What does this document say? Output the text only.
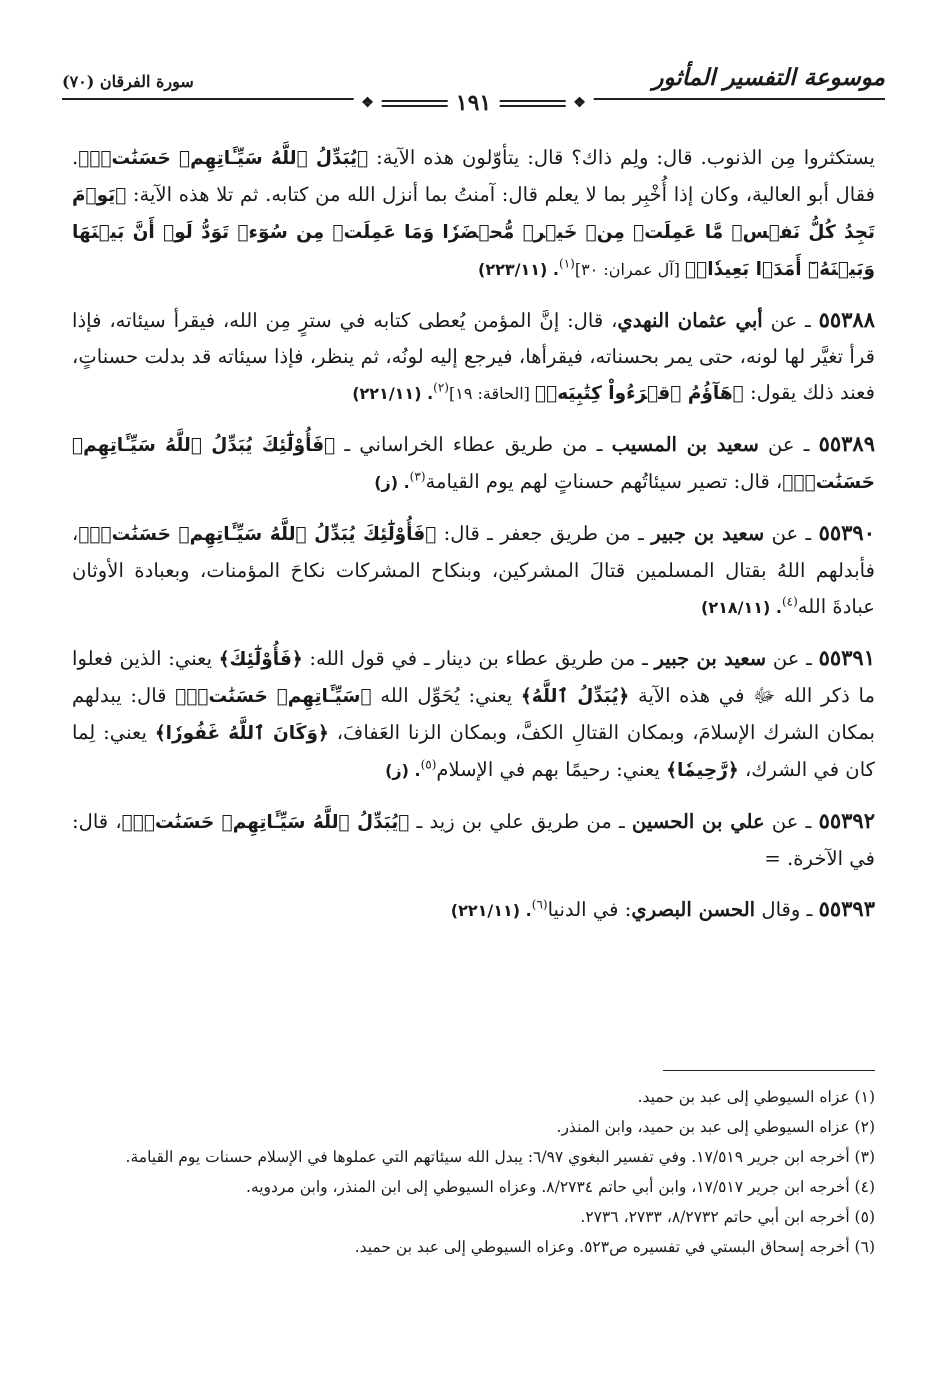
موسوعة التفسير المأثور
سورة الفرقان (٧٠)
❖
١٩١
❖

يستكثروا مِن الذنوب. قال: ولِم ذاك؟ قال: يتأوّلون هذه الآية: ﴿يُبَدِّلُ ٱللَّهُ سَيِّـَٔاتِهِمۡ حَسَنَٰتٖۗ﴾. فقال أبو العالية، وكان إذا أُخْبِر بما لا يعلم قال: آمنتُ بما أنزل الله من كتابه. ثم تلا هذه الآية: ﴿يَوۡمَ تَجِدُ كُلُّ نَفۡسٖ مَّا عَمِلَتۡ مِنۡ خَيۡرٖ مُّحۡضَرٗا وَمَا عَمِلَتۡ مِن سُوٓءٖ تَوَدُّ لَوۡ أَنَّ بَيۡنَهَا وَبَيۡنَهُۥٓ أَمَدَۢا بَعِيدٗاۗ﴾ [آل عمران: ٣٠]$^{(١)}$. (٢٢٣/١١)

٥٥٣٨٨ ـ عن أبي عثمان النهدي، قال: إنَّ المؤمن يُعطى كتابه في سترٍ مِن الله، فيقرأ سيئاته، فإذا قرأ تغيَّر لها لونه، حتى يمر بحسناته، فيقرأها، فيرجع إليه لونُه، ثم ينظر، فإذا سيئاته قد بدلت حسناتٍ، فعند ذلك يقول: ﴿هَآؤُمُ ٱقۡرَءُواْ كِتَٰبِيَهۡ﴾ [الحاقة: ١٩]$^{(٢)}$. (٢٢١/١١)

٥٥٣٨٩ ـ عن سعيد بن المسيب ـ من طريق عطاء الخراساني ـ ﴿فَأُوْلَٰٓئِكَ يُبَدِّلُ ٱللَّهُ سَيِّـَٔاتِهِمۡ حَسَنَٰتٖۗ﴾، قال: تصير سيئاتُهم حسناتٍ لهم يوم القيامة$^{(٣)}$. (ز)

٥٥٣٩٠ ـ عن سعيد بن جبير ـ من طريق جعفر ـ قال: ﴿فَأُوْلَٰٓئِكَ يُبَدِّلُ ٱللَّهُ سَيِّـَٔاتِهِمۡ حَسَنَٰتٖۗ﴾، فأبدلهم اللهُ بقتال المسلمين قتالَ المشركين، وبنكاح المشركات نكاحَ المؤمنات، وبعبادة الأوثان عبادةَ الله$^{(٤)}$. (٢١٨/١١)

٥٥٣٩١ ـ عن سعيد بن جبير ـ من طريق عطاء بن دينار ـ في قول الله: ﴿فَأُوْلَٰٓئِكَ﴾ يعني: الذين فعلوا ما ذكر الله ﷻ في هذه الآية ﴿يُبَدِّلُ ٱللَّهُ﴾ يعني: يُحَوِّل الله ﴿سَيِّـَٔاتِهِمۡ حَسَنَٰتٖۗ﴾ قال: يبدلهم بمكان الشرك الإسلامَ، وبمكان القتالِ الكفَّ، وبمكان الزنا العَفافَ، ﴿وَكَانَ ٱللَّهُ غَفُورٗا﴾ يعني: لِما كان في الشرك، ﴿رَّحِيمٗا﴾ يعني: رحيمًا بهم في الإسلام$^{(٥)}$. (ز)

٥٥٣٩٢ ـ عن علي بن الحسين ـ من طريق علي بن زيد ـ ﴿يُبَدِّلُ ٱللَّهُ سَيِّـَٔاتِهِمۡ حَسَنَٰتٖۗ﴾، قال: في الآخرة. =

٥٥٣٩٣ ـ وقال الحسن البصري: في الدنيا$^{(٦)}$. (٢٢١/١١)

(١) عزاه السيوطي إلى عبد بن حميد.

(٢) عزاه السيوطي إلى عبد بن حميد، وابن المنذر.

(٣) أخرجه ابن جرير ١٧/٥١٩. وفي تفسير البغوي ٦/٩٧: يبدل الله سيئاتهم التي عملوها في الإسلام حسنات يوم القيامة.

(٤) أخرجه ابن جرير ١٧/٥١٧، وابن أبي حاتم ٨/٢٧٣٤. وعزاه السيوطي إلى ابن المنذر، وابن مردويه.

(٥) أخرجه ابن أبي حاتم ٨/٢٧٣٢، ٢٧٣٣، ٢٧٣٦.

(٦) أخرجه إسحاق البستي في تفسيره ص٥٢٣. وعزاه السيوطي إلى عبد بن حميد.
